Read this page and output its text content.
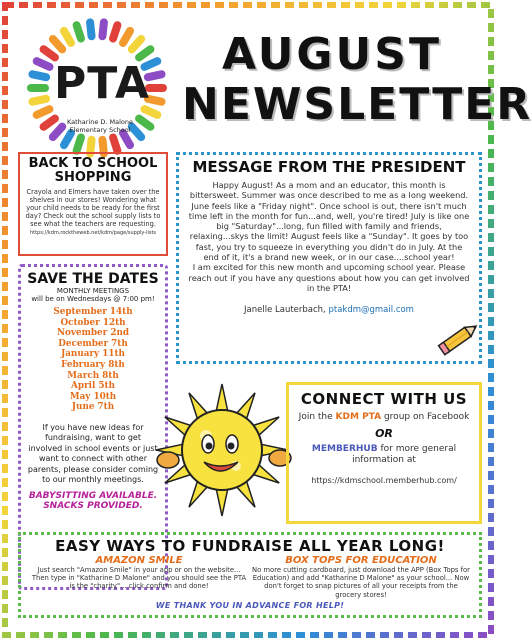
PTA
Katharine D. Malone Elementary School
AUGUST
NEWSLETTER
BACK TO SCHOOL SHOPPING
Crayola and Elmers have taken over the shelves in our stores! Wondering what your child needs to be ready for the first day? Check out the school supply lists to see what the teachers are requesting.
https://kdm.rocktheweb.net/kdm/page/supply-lists
SAVE THE DATES
MONTHLY MEETINGS
will be on Wednesdays @ 7:00 pm!
September 14th
October 12th
November 2nd
December 7th
January 11th
February 8th
March 8th
April 5th
May 10th
June 7th
If you have new ideas for fundraising, want to get involved in school events or just want to connect with other parents, please consider coming to our monthly meetings.
BABYSITTING AVAILABLE. SNACKS PROVIDED.
MESSAGE FROM THE PRESIDENT
Happy August! As a mom and an educator, this month is bittersweet. Summer was once described to me as a long weekend. June feels like a "Friday night". Once school is out, there isn't much time left in the month for fun...and, well, you're tired! July is like one big "Saturday"...long, fun filled with family and friends, relaxing...skys the limit! August feels like a "Sunday". It goes by too fast, you try to squeeze in everything you didn't do in July. At the end of it, it's a brand new week, or in our case....school year!
I am excited for this new month and upcoming school year. Please reach out if you have any questions about how you can get involved in the PTA!
Janelle Lauterbach, ptakdm@gmail.com
CONNECT WITH US
Join the KDM PTA group on Facebook
OR
MEMBERHUB for more general information at
https://kdmschool.memberhub.com/
EASY WAYS TO FUNDRAISE ALL YEAR LONG!
AMAZON SMILE
Just search "Amazon Smile" in your app or on the website... Then type in "Katharine D Malone" and you should see the PTA is the "charity"... click confirm and done!
BOX TOPS FOR EDUCATION
No more cutting cardboard, just download the APP (Box Tops for Education) and add "Katharine D Malone" as your school... Now don't forget to snap pictures of all your receipts from the grocery stores!
WE THANK YOU IN ADVANCE FOR HELP!
